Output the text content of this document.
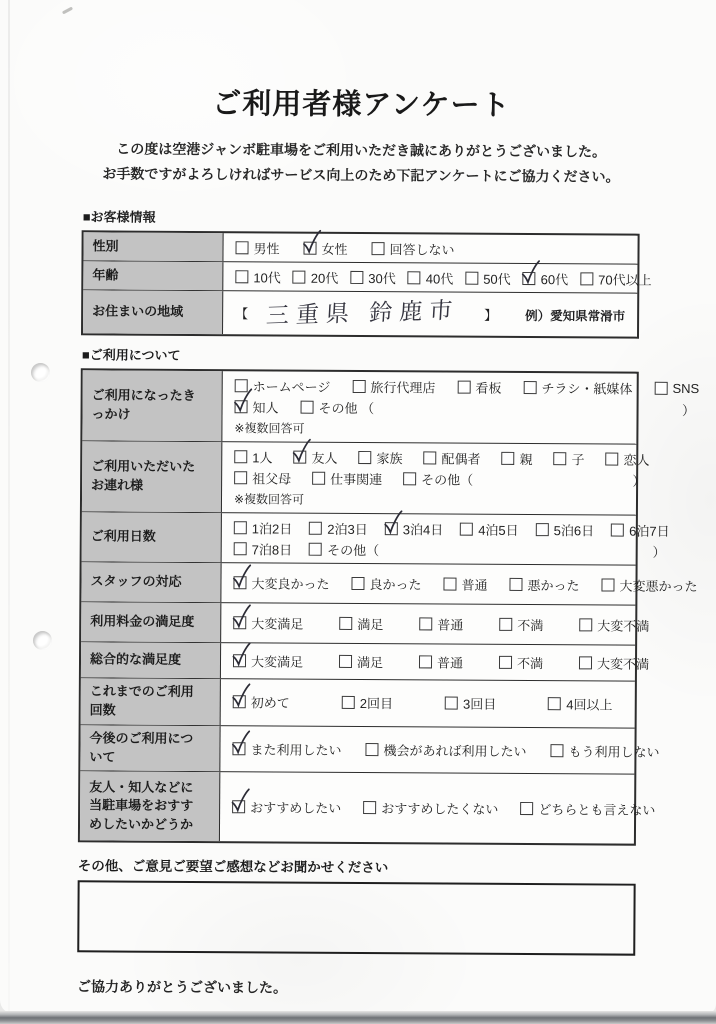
ご利用者様アンケート

この度は空港ジャンボ駐車場をご利用いただき誠にありがとうございました。

お手数ですがよろしければサービス向上のため下記アンケートにご協力ください。

■お客様情報
性別	男性	女性	回答しない
年齢	10代 20代 30代 40代 50代 60代 70代以上
お住まいの地域	【 三重県 鈴鹿市	】 例）愛知県常滑市
■ご利用について
ご利用になったきっかけ
ホームページ	旅行代理店	看板	チラシ・紙媒体	SNS
知人	その他 （	）
※複数回答可
ご利用いただいたお連れ様
1人	友人	家族	配偶者	親	子	恋人
祖父母	仕事関連	その他（	）
※複数回答可
ご利用日数	1泊2日	2泊3日	3泊4日	4泊5日	5泊6日	6泊7日
7泊8日	その他（	）
スタッフの対応	大変良かった	良かった	普通	悪かった	大変悪かった
利用料金の満足度	大変満足	満足	普通	不満	大変不満
総合的な満足度	大変満足	満足	普通	不満	大変不満
これまでのご利用回数	初めて	2回目	3回目	4回以上
今後のご利用について	また利用したい	機会があれば利用したい	もう利用しない
友人・知人などに当駐車場をおすすめしたいかどうか
おすすめしたい	おすすめしたくない	どちらとも言えない
その他、ご意見ご要望ご感想などお聞かせください

ご協力ありがとうございました。
